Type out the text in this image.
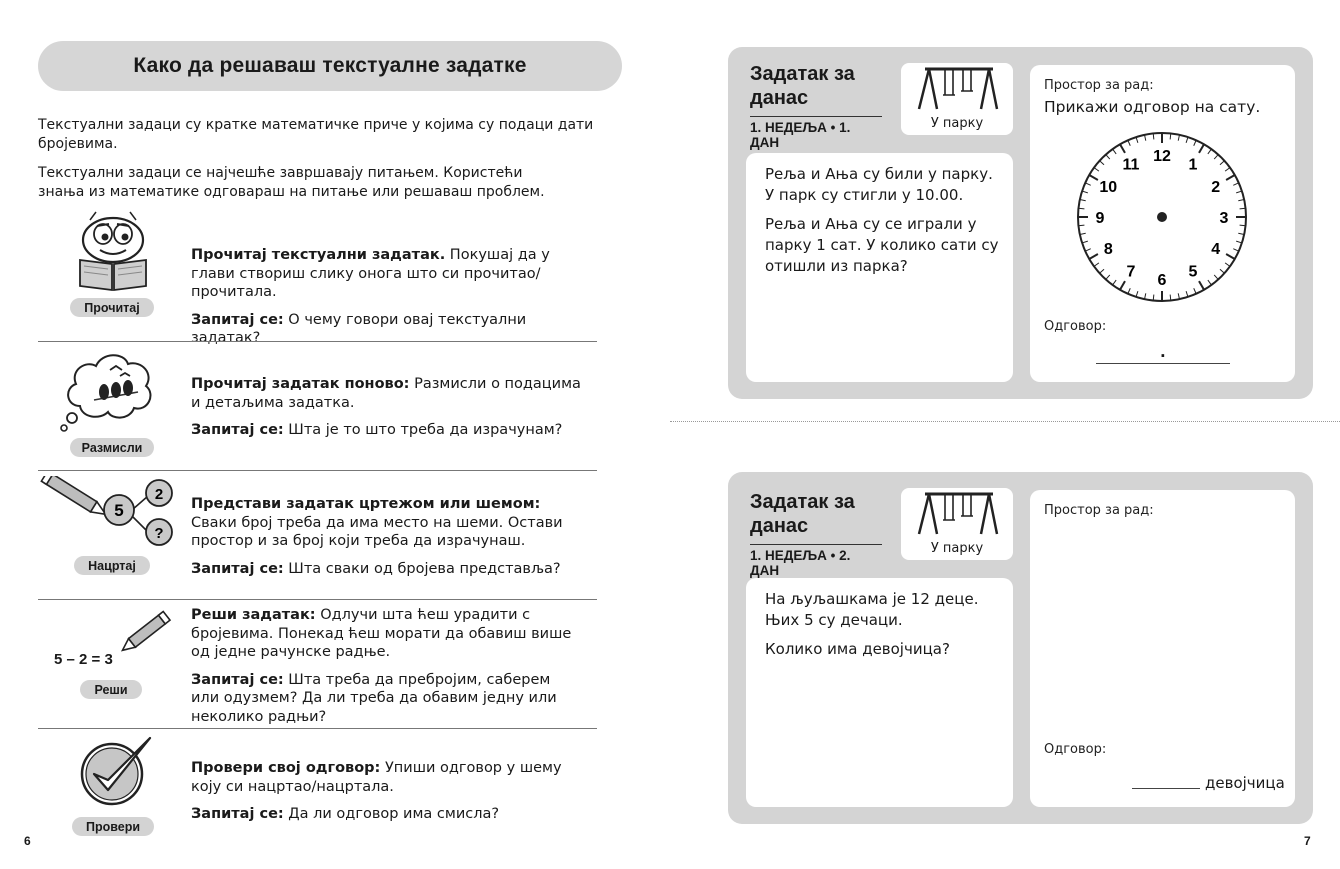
Како да решаваш текстуалне задатке
Текстуални задаци су кратке математичке приче у којима су подаци дати бројевима.
Текстуални задаци се најчешће завршавају питањем. Користећи знања из математике одговараш на питање или решаваш проблем.
Прочитај

Прочитај текстуални задатак. Покушај да у глави створиш слику онога што си прочитао/прочитала.

Запитај се: О чему говори овај текстуални задатак?

Размисли

Прочитај задатак поново: Размисли о подацима и детаљима задатка.

Запитај се: Шта је то што треба да израчунам?

5
2
?
Нацртај

Представи задатак цртежом или шемом: Сваки број треба да има место на шеми. Остави простор и за број који треба да израчунаш.

Запитај се: Шта сваки од бројева представља?

5 – 2 = 3
Реши

Реши задатак: Одлучи шта ћеш урадити с бројевима. Понекад ћеш морати да обавиш више од једне рачунске радње.

Запитај се: Шта треба да пребројим, саберем или одузмем? Да ли треба да обавим једну или неколико радњи?

Провери

Провери свој одговор: Упиши одговор у шему коју си нацртао/нацртала.

Запитај се: Да ли одговор има смисла?

6
Задатак за данас
1. НЕДЕЉА • 1. ДАН
У парку

Реља и Ања су били у парку. У парк су стигли у 10.00.

Реља и Ања су се играли у парку 1 сат. У колико сати су отишли из парка?

Простор за рад:
Прикажи одговор на сату.
12 1
2
3
4
5
6
7
8
9
10
11
Одговор:
.
Задатак за данас
1. НЕДЕЉА • 2. ДАН
У парку

На љуљашкама је 12 деце. Њих 5 су дечаци.

Колико има девојчица?

Простор за рад:
Одговор:
девојчица
7
